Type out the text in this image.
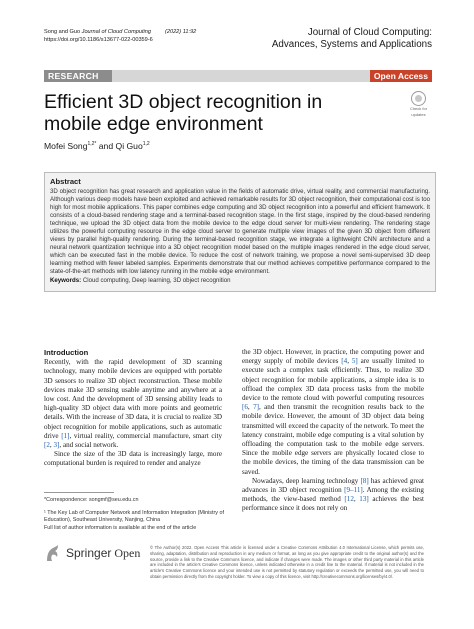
Song and Guo Journal of Cloud Computing	(2022) 11:92
https://doi.org/10.1186/s13677-022-00359-6
Journal of Cloud Computing:
Advances, Systems and Applications
RESEARCH	Open Access
Efficient 3D object recognition in mobile edge environment
Check for
updates
Mofei Song$^{1,2*}$ and Qi Guo$^{1,2}$
Abstract
3D object recognition has great research and application value in the fields of automatic drive, virtual reality, and commercial manufacturing. Although various deep models have been exploited and achieved remarkable results for 3D object recognition, their computational cost is too high for most mobile applications. This paper combines edge computing and 3D object recognition into a powerful and efficient framework. It consists of a cloud-based rendering stage and a terminal-based recognition stage. In the first stage, inspired by the cloud-based rendering technique, we upload the 3D object data from the mobile device to the edge cloud server for multi-view rendering. The rendering stage utilizes the powerful computing resource in the edge cloud server to generate multiple view images of the given 3D object from different views by parallel high-quality rendering. During the terminal-based recognition stage, we integrate a lightweight CNN architecture and a neural network quantization technique into a 3D object recognition model based on the multiple images rendered in the edge cloud server, which can be executed fast in the mobile device. To reduce the cost of network training, we propose a novel semi-supervised 3D deep learning method with fewer labeled samples. Experiments demonstrate that our method achieves competitive performance compared to the state-of-the-art methods with low latency running in the mobile edge environment.
Keywords: Cloud computing, Deep learning, 3D object recognition
Introduction

Recently, with the rapid development of 3D scanning technology, many mobile devices are equipped with portable 3D sensors to realize 3D object reconstruction. These mobile devices make 3D sensing usable anytime and anywhere at a low cost. And the development of 3D sensing ability leads to high-quality 3D object data with more points and geometric details. With the increase of 3D data, it is crucial to realize 3D object recognition for mobile applications, such as automatic drive [1], virtual reality, commercial manufacture, smart city [2, 3], and social network.

Since the size of the 3D data is increasingly large, more computational burden is required to render and analyze

the 3D object. However, in practice, the computing power and energy supply of mobile devices [4, 5] are usually limited to execute such a complex task efficiently. Thus, to realize 3D object recognition for mobile applications, a simple idea is to offload the complex 3D data process tasks from the mobile device to the remote cloud with powerful computing resources [6, 7], and then transmit the recognition results back to the mobile device. However, the amount of 3D object data being transmitted will exceed the capacity of the network. To meet the latency constraint, mobile edge computing is a vital solution by offloading the computation task to the mobile edge servers. Since the mobile edge servers are physically located close to the mobile devices, the timing of the data transmission can be saved.

Nowadays, deep learning technology [8] has achieved great advances in 3D object recognition [9–11]. Among the existing methods, the view-based method [12, 13] achieves the best performance since it does not rely on

*Correspondence: songmf@seu.edu.cn
¹ The Key Lab of Computer Network and Information Integration (Ministry of Education), Southeast University, Nanjing, China
Full list of author information is available at the end of the article
Springer Open © The Author(s) 2022. Open Access This article is licensed under a Creative Commons Attribution 4.0 International License, which permits use, sharing, adaptation, distribution and reproduction in any medium or format, as long as you give appropriate credit to the original author(s) and the source, provide a link to the Creative Commons licence, and indicate if changes were made. The images or other third party material in this article are included in the article's Creative Commons licence, unless indicated otherwise in a credit line to the material. If material is not included in the article's Creative Commons licence and your intended use is not permitted by statutory regulation or exceeds the permitted use, you will need to obtain permission directly from the copyright holder. To view a copy of this licence, visit http://creativecommons.org/licenses/by/4.0/.
